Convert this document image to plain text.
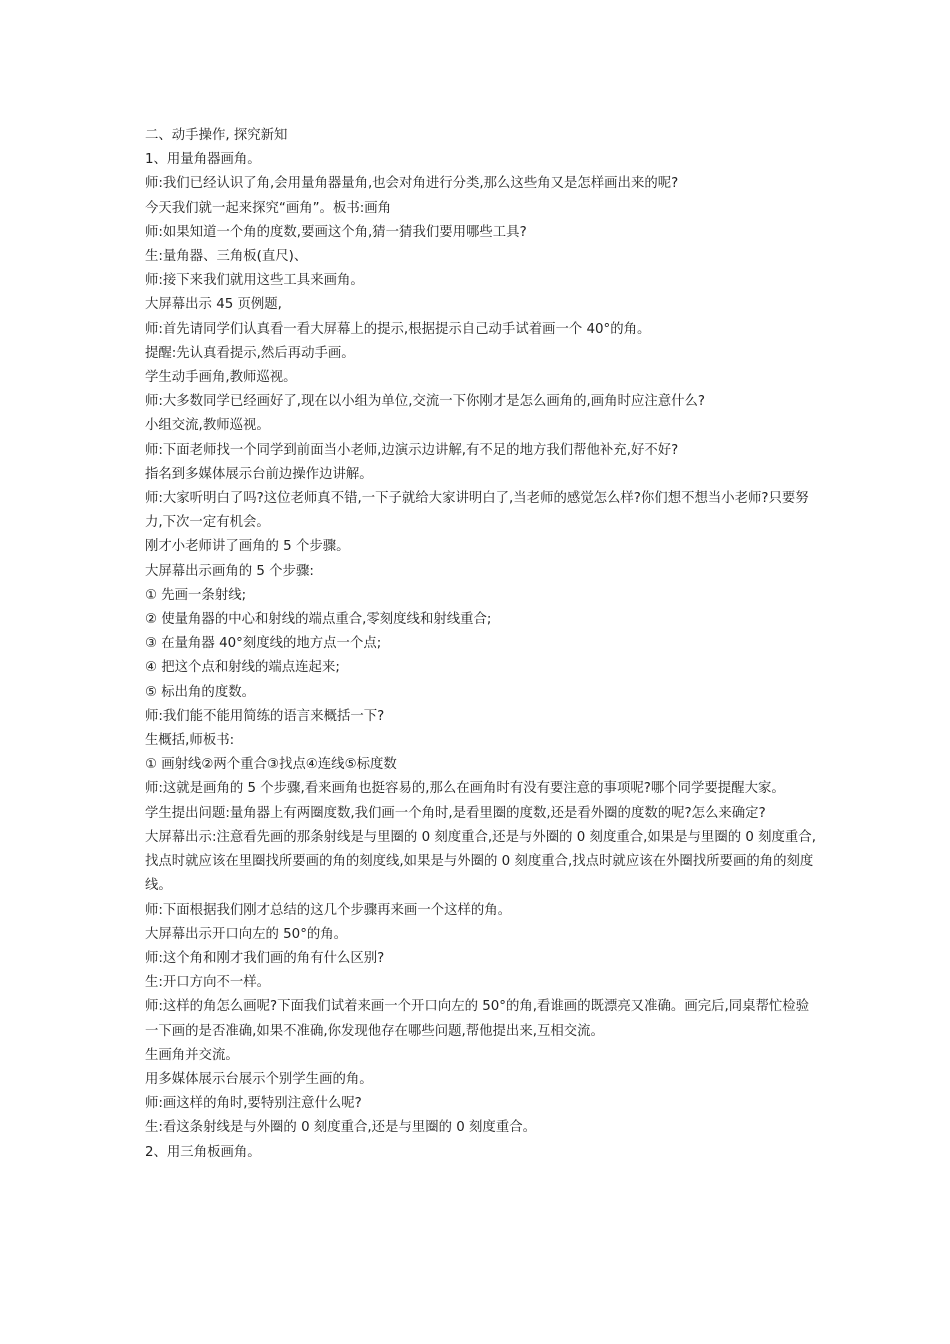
二、动手操作, 探究新知

1、用量角器画角。

师:我们已经认识了角,会用量角器量角,也会对角进行分类,那么这些角又是怎样画出来的呢?

今天我们就一起来探究“画角”。板书:画角

师:如果知道一个角的度数,要画这个角,猜一猜我们要用哪些工具?

生:量角器、三角板(直尺)、

师:接下来我们就用这些工具来画角。

大屏幕出示 45 页例题,

师:首先请同学们认真看一看大屏幕上的提示,根据提示自己动手试着画一个 40°的角。

提醒:先认真看提示,然后再动手画。

学生动手画角,教师巡视。

师:大多数同学已经画好了,现在以小组为单位,交流一下你刚才是怎么画角的,画角时应注意什么?

小组交流,教师巡视。

师:下面老师找一个同学到前面当小老师,边演示边讲解,有不足的地方我们帮他补充,好不好?

指名到多媒体展示台前边操作边讲解。

师:大家听明白了吗?这位老师真不错,一下子就给大家讲明白了,当老师的感觉怎么样?你们想不想当小老师?只要努力,下次一定有机会。

刚才小老师讲了画角的 5 个步骤。

大屏幕出示画角的 5 个步骤:

① 先画一条射线;

② 使量角器的中心和射线的端点重合,零刻度线和射线重合;

③ 在量角器 40°刻度线的地方点一个点;

④ 把这个点和射线的端点连起来;

⑤ 标出角的度数。

师:我们能不能用简练的语言来概括一下?

生概括,师板书:

① 画射线②两个重合③找点④连线⑤标度数

师:这就是画角的 5 个步骤,看来画角也挺容易的,那么在画角时有没有要注意的事项呢?哪个同学要提醒大家。

学生提出问题:量角器上有两圈度数,我们画一个角时,是看里圈的度数,还是看外圈的度数的呢?怎么来确定?

大屏幕出示:注意看先画的那条射线是与里圈的 0 刻度重合,还是与外圈的 0 刻度重合,如果是与里圈的 0 刻度重合,找点时就应该在里圈找所要画的角的刻度线,如果是与外圈的 0 刻度重合,找点时就应该在外圈找所要画的角的刻度线。

师:下面根据我们刚才总结的这几个步骤再来画一个这样的角。

大屏幕出示开口向左的 50°的角。

师:这个角和刚才我们画的角有什么区别?

生:开口方向不一样。

师:这样的角怎么画呢?下面我们试着来画一个开口向左的 50°的角,看谁画的既漂亮又准确。画完后,同桌帮忙检验一下画的是否准确,如果不准确,你发现他存在哪些问题,帮他提出来,互相交流。

生画角并交流。

用多媒体展示台展示个别学生画的角。

师:画这样的角时,要特别注意什么呢?

生:看这条射线是与外圈的 0 刻度重合,还是与里圈的 0 刻度重合。

2、用三角板画角。
